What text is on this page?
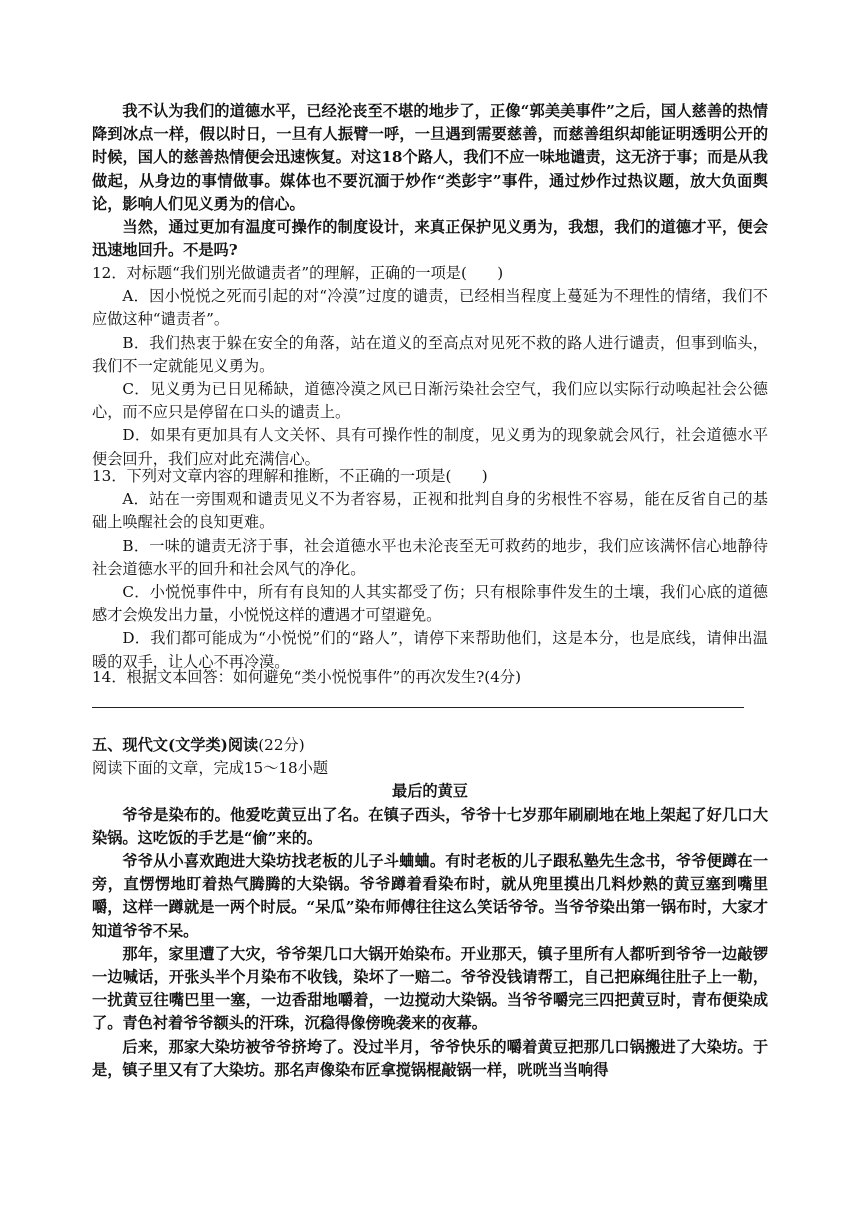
我不认为我们的道德水平，已经沦丧至不堪的地步了，正像“郭美美事件”之后，国人慈善的热情降到冰点一样，假以时日，一旦有人振臂一呼，一旦遇到需要慈善，而慈善组织却能证明透明公开的时候，国人的慈善热情便会迅速恢复。对这18个路人，我们不应一味地谴责，这无济于事；而是从我做起，从身边的事情做事。媒体也不要沉湎于炒作“类彭宇”事件，通过炒作过热议题，放大负面舆论，影响人们见义勇为的信心。

当然，通过更加有温度可操作的制度设计，来真正保护见义勇为，我想，我们的道德才平，便会迅速地回升。不是吗?

12．对标题“我们别光做谴责者”的理解，正确的一项是(　　)

A．因小悦悦之死而引起的对“冷漠”过度的谴责，已经相当程度上蔓延为不理性的情绪，我们不应做这种“谴责者”。

B．我们热衷于躲在安全的角落，站在道义的至高点对见死不救的路人进行谴责，但事到临头，我们不一定就能见义勇为。

C．见义勇为已日见稀缺，道德冷漠之风已日渐污染社会空气，我们应以实际行动唤起社会公德心，而不应只是停留在口头的谴责上。

D．如果有更加具有人文关怀、具有可操作性的制度，见义勇为的现象就会风行，社会道德水平便会回升，我们应对此充满信心。

13．下列对文章内容的理解和推断，不正确的一项是(　　)

A．站在一旁围观和谴责见义不为者容易，正视和批判自身的劣根性不容易，能在反省自己的基础上唤醒社会的良知更难。

B．一味的谴责无济于事，社会道德水平也未沦丧至无可救药的地步，我们应该满怀信心地静待社会道德水平的回升和社会风气的净化。

C．小悦悦事件中，所有有良知的人其实都受了伤；只有根除事件发生的土壤，我们心底的道德感才会焕发出力量，小悦悦这样的遭遇才可望避免。

D．我们都可能成为“小悦悦”们的“路人”，请停下来帮助他们，这是本分，也是底线，请伸出温暖的双手，让人心不再冷漠。

14．根据文本回答：如何避免“类小悦悦事件”的再次发生?(4分)

五、现代文(文学类)阅读(22分)

阅读下面的文章，完成15～18小题

最后的黄豆

爷爷是染布的。他爱吃黄豆出了名。在镇子西头，爷爷十七岁那年刷刷地在地上架起了好几口大染锅。这吃饭的手艺是“偷”来的。

爷爷从小喜欢跑进大染坊找老板的儿子斗蛐蛐。有时老板的儿子跟私塾先生念书，爷爷便蹲在一旁，直愣愣地盯着热气腾腾的大染锅。爷爷蹲着看染布时，就从兜里摸出几料炒熟的黄豆塞到嘴里嚼，这样一蹲就是一两个时辰。“呆瓜”染布师傅往往这么笑话爷爷。当爷爷染出第一锅布时，大家才知道爷爷不呆。

那年，家里遭了大灾，爷爷架几口大锅开始染布。开业那天，镇子里所有人都听到爷爷一边敲锣一边喊话，开张头半个月染布不收钱，染坏了一赔二。爷爷没钱请帮工，自己把麻绳往肚子上一勒，一扰黄豆往嘴巴里一塞，一边香甜地嚼着，一边搅动大染锅。当爷爷嚼完三四把黄豆时，青布便染成了。青色衬着爷爷额头的汗珠，沉稳得像傍晚袭来的夜幕。

后来，那家大染坊被爷爷挤垮了。没过半月，爷爷快乐的嚼着黄豆把那几口锅搬进了大染坊。于是，镇子里又有了大染坊。那名声像染布匠拿搅锅棍敲锅一样，咣咣当当响得
